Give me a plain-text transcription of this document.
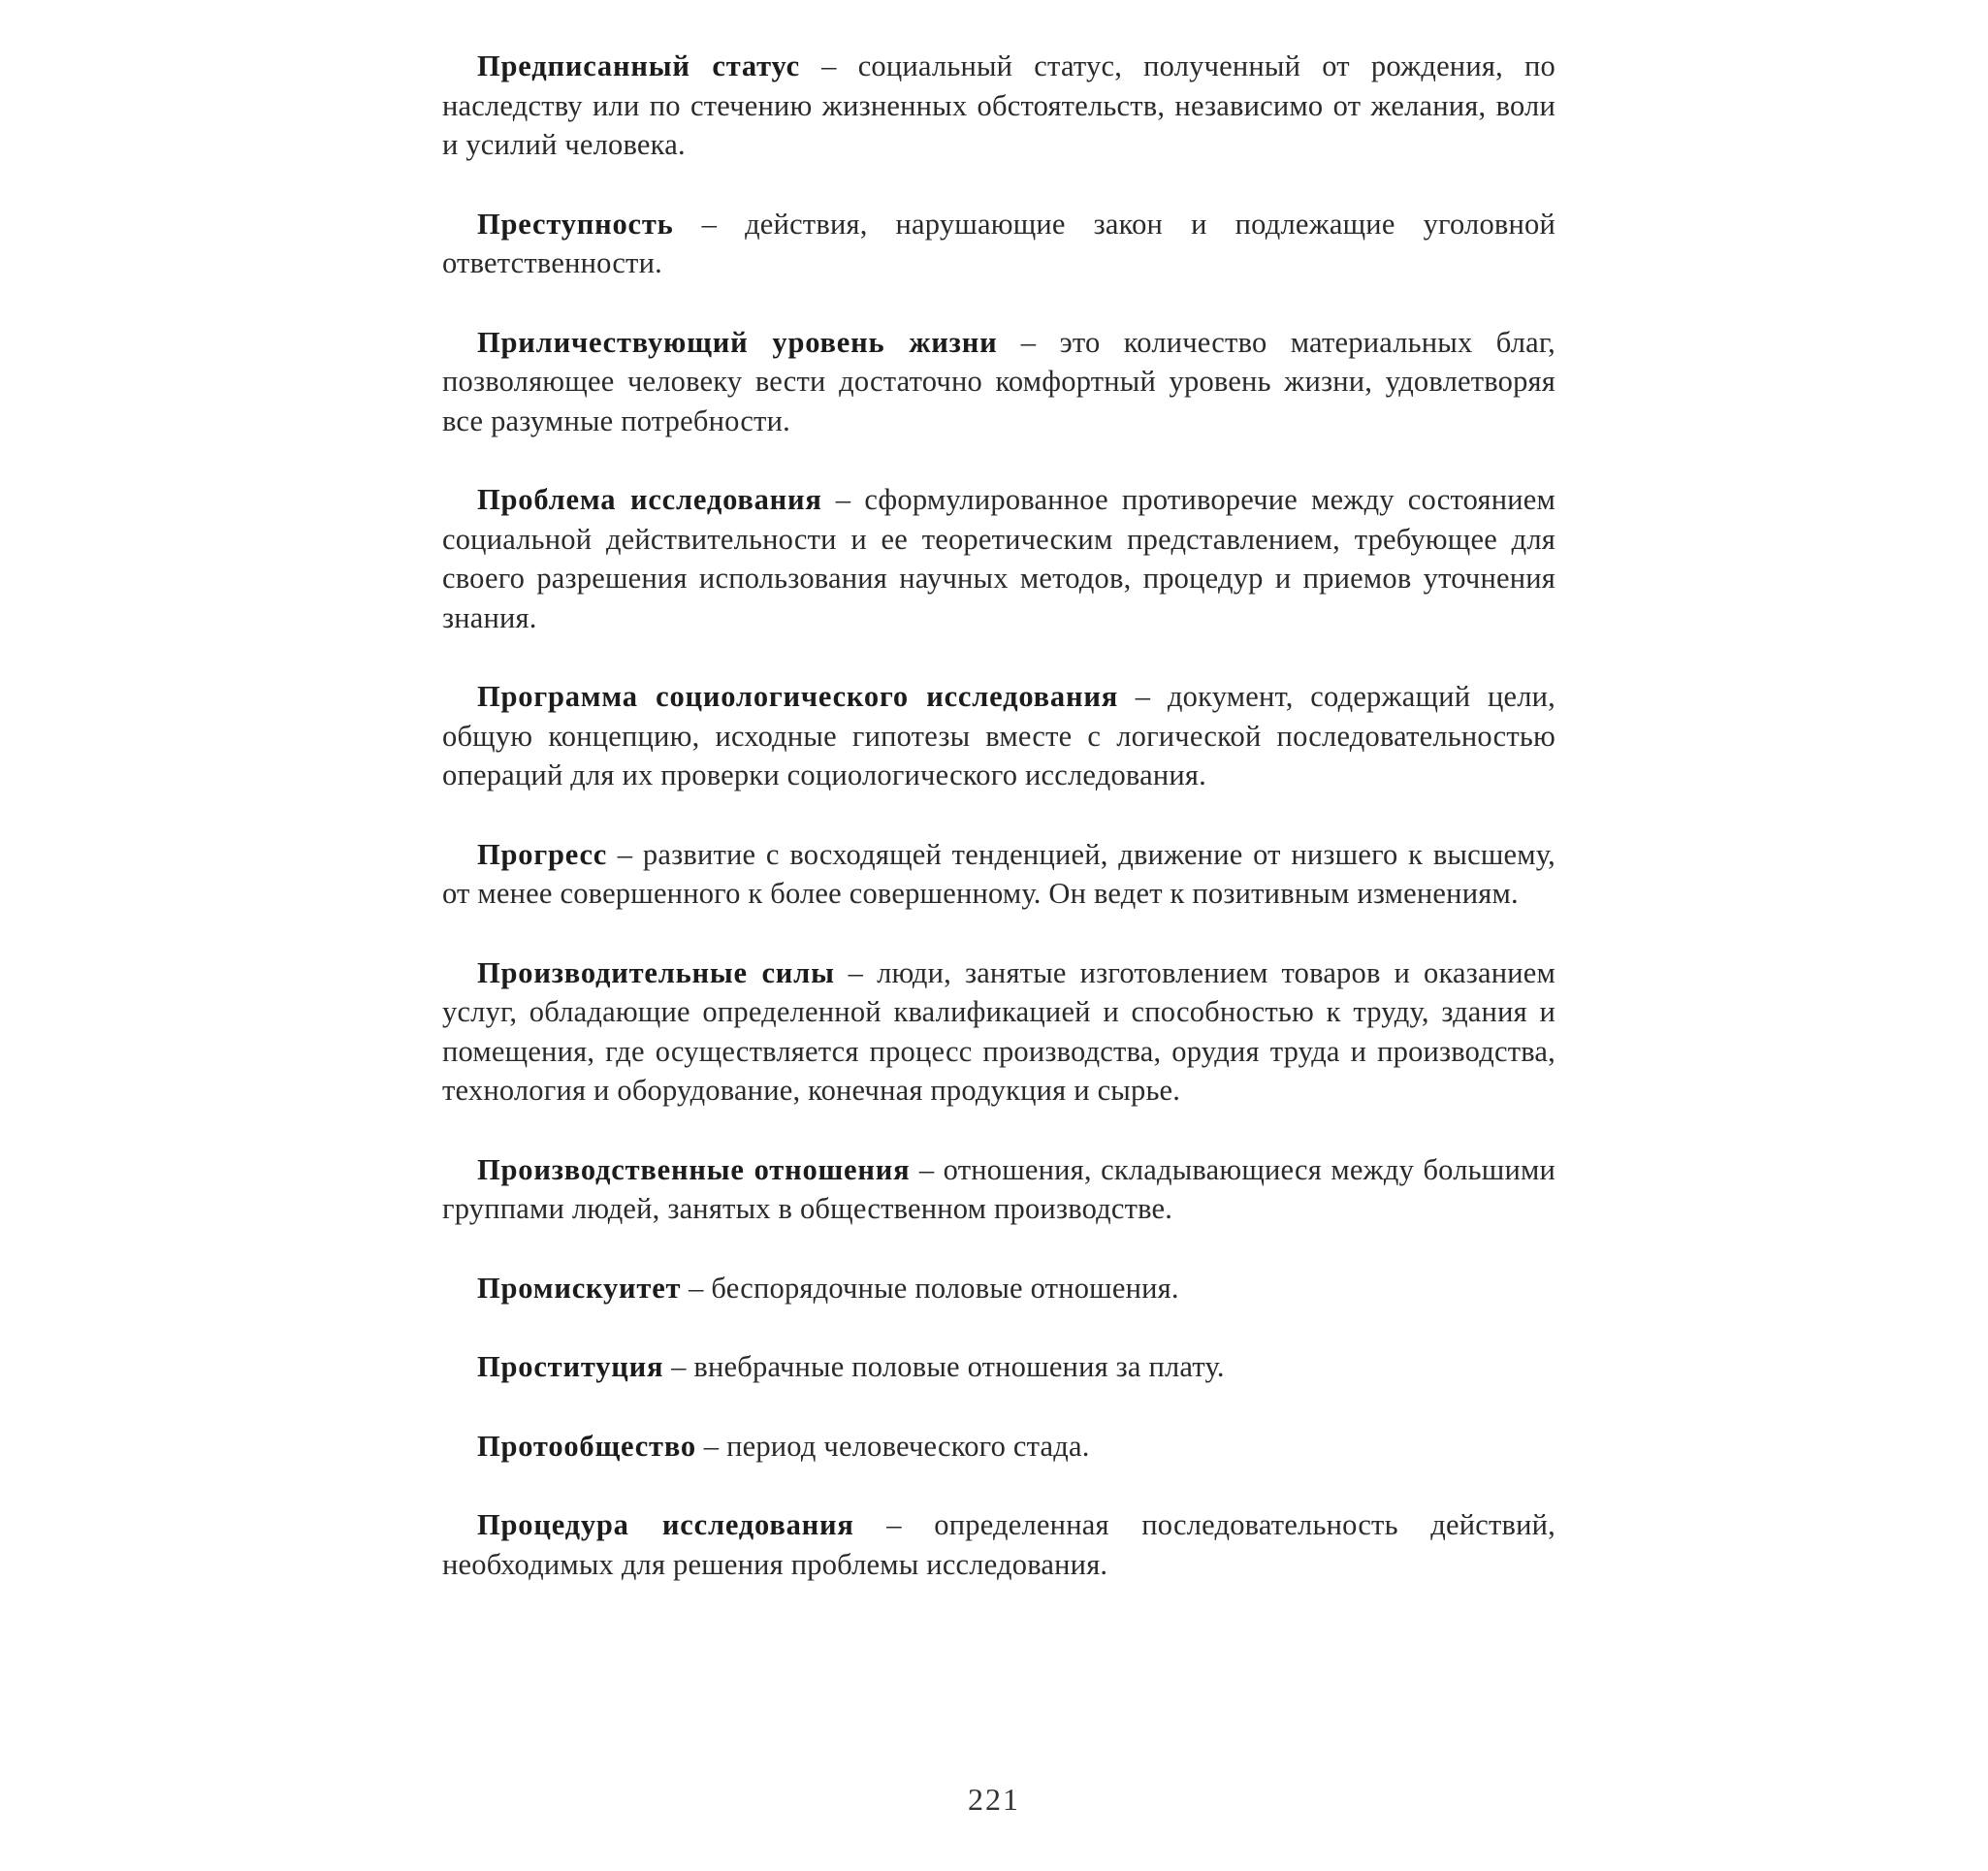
Предписанный статус – социальный статус, полученный от рождения, по наследству или по стечению жизненных обстоятельств, независимо от желания, воли и усилий человека.

Преступность – действия, нарушающие закон и подлежащие уголовной ответственности.

Приличествующий уровень жизни – это количество материальных благ, позволяющее человеку вести достаточно комфортный уровень жизни, удовлетворяя все разумные потребности.

Проблема исследования – сформулированное противоречие между состоянием социальной действительности и ее теоретическим представлением, требующее для своего разрешения использования научных методов, процедур и приемов уточнения знания.

Программа социологического исследования – документ, содержащий цели, общую концепцию, исходные гипотезы вместе с логической последовательностью операций для их проверки социологического исследования.

Прогресс – развитие с восходящей тенденцией, движение от низшего к высшему, от менее совершенного к более совершенному. Он ведет к позитивным изменениям.

Производительные силы – люди, занятые изготовлением товаров и оказанием услуг, обладающие определенной квалификацией и способностью к труду, здания и помещения, где осуществляется процесс производства, орудия труда и производства, технология и оборудование, конечная продукция и сырье.

Производственные отношения – отношения, складывающиеся между большими группами людей, занятых в общественном производстве.

Промискуитет – беспорядочные половые отношения.

Проституция – внебрачные половые отношения за плату.

Протообщество – период человеческого стада.

Процедура исследования – определенная последовательность действий, необходимых для решения проблемы исследования.

221
